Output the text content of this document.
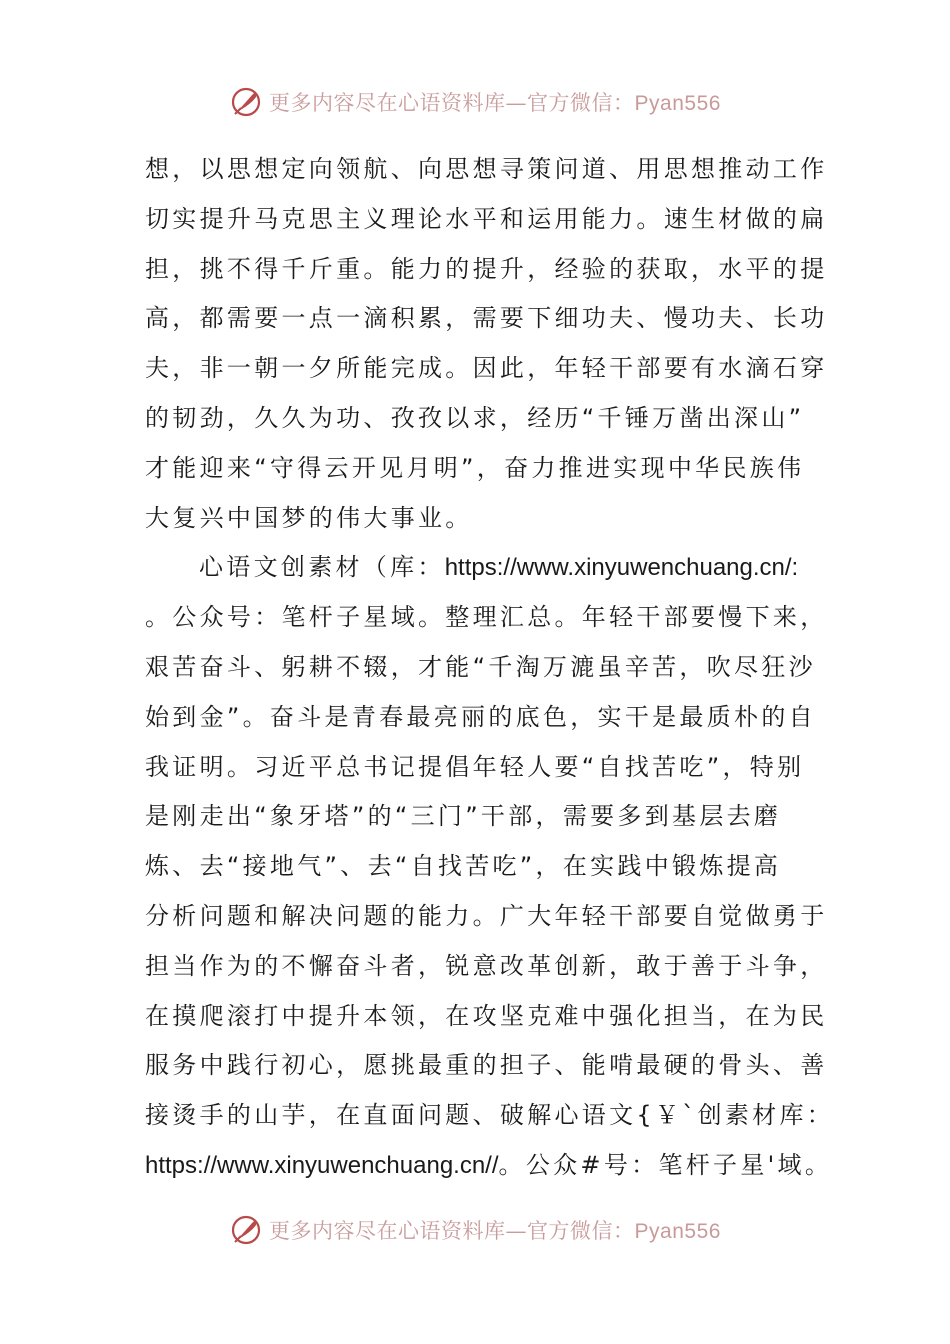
更多内容尽在心语资料库—官方微信：Pyan556
想，以思想定向领航、向思想寻策问道、用思想推动工作
切实提升马克思主义理论水平和运用能力。速生材做的扁
担，挑不得千斤重。能力的提升，经验的获取，水平的提
高，都需要一点一滴积累，需要下细功夫、慢功夫、长功
夫，非一朝一夕所能完成。因此，年轻干部要有水滴石穿
的韧劲，久久为功、孜孜以求，经历“千锤万凿出深山”
才能迎来“守得云开见月明”，奋力推进实现中华民族伟
大复兴中国梦的伟大事业。
心语文创素材（库：https://www.xinyuwenchuang.cn/:
。公众号：笔杆子星域。整理汇总。年轻干部要慢下来，
艰苦奋斗、躬耕不辍，才能“千淘万漉虽辛苦，吹尽狂沙
始到金”。奋斗是青春最亮丽的底色，实干是最质朴的自
我证明。习近平总书记提倡年轻人要“自找苦吃”，特别
是刚走出“象牙塔”的“三门”干部，需要多到基层去磨
炼、去“接地气”、去“自找苦吃”，在实践中锻炼提高
分析问题和解决问题的能力。广大年轻干部要自觉做勇于
担当作为的不懈奋斗者，锐意改革创新，敢于善于斗争，
在摸爬滚打中提升本领，在攻坚克难中强化担当，在为民
服务中践行初心，愿挑最重的担子、能啃最硬的骨头、善
接烫手的山芋，在直面问题、破解心语文{￥`创素材库：
https://www.xinyuwenchuang.cn//。公众#号：笔杆子星'域。
更多内容尽在心语资料库—官方微信：Pyan556
